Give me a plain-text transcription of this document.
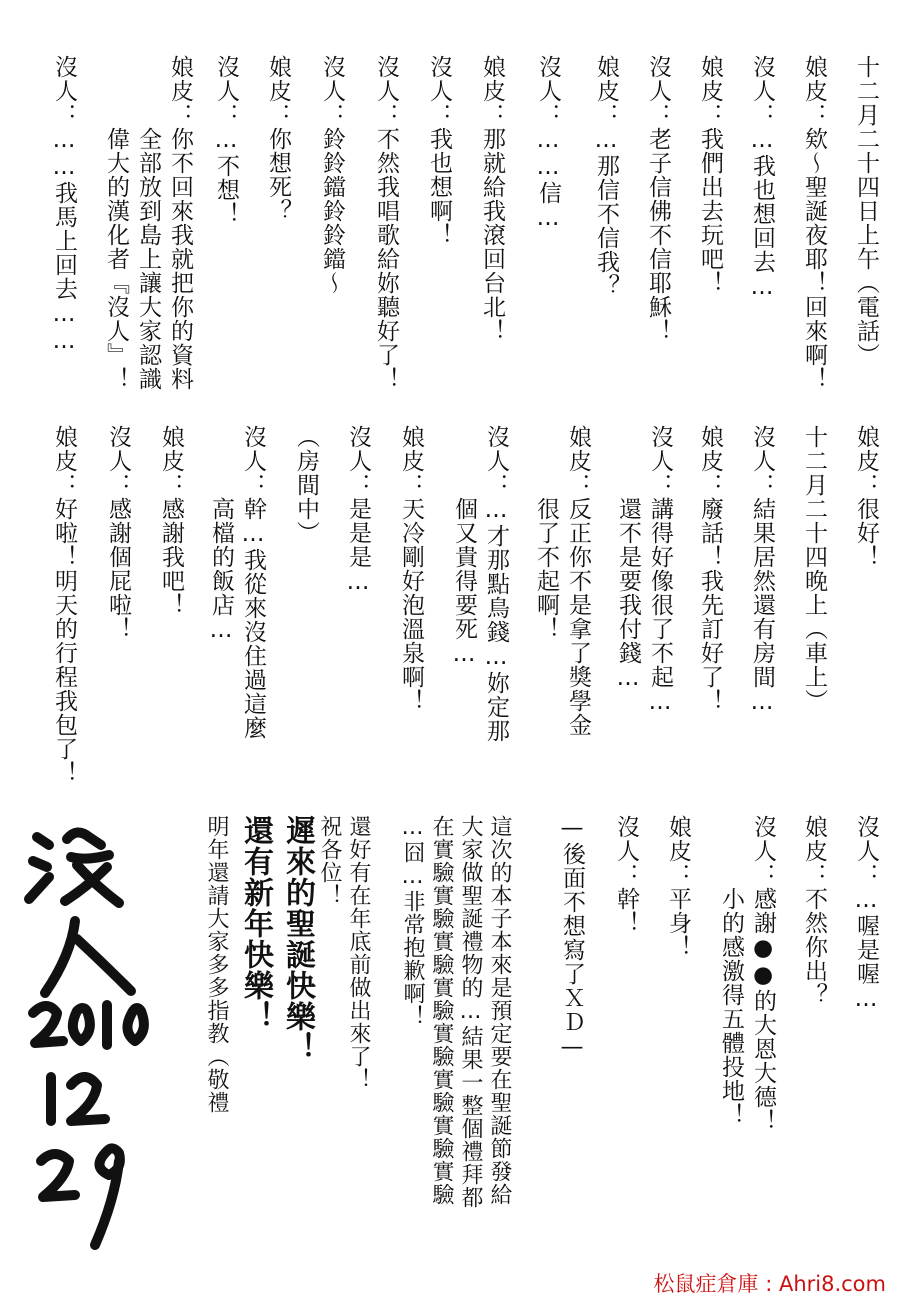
十二月二十四日上午（電話）
娘皮：欸〜聖誕夜耶！回來啊！
沒人：…我也想回去…
娘皮：我們出去玩吧！
沒人：老子信佛不信耶穌！
娘皮：…那信不信我？
沒人：……信…
娘皮：那就給我滾回台北！
沒人：我也想啊！
沒人：不然我唱歌給妳聽好了！
沒人：鈴鈴鐺鈴鈴鐺〜
娘皮：你想死？
沒人：…不想！
娘皮：你不回來我就把你的資料
　　　全部放到島上讓大家認識
　　　偉大的漢化者『沒人』！
沒人：……我馬上回去……
娘皮：很好！
十二月二十四晚上（車上）
沒人：結果居然還有房間…
娘皮：廢話！我先訂好了！
沒人：講得好像很了不起…
　　　還不是要我付錢…
娘皮：反正你不是拿了獎學金
　　　很了不起啊！
沒人：…才那點鳥錢…妳定那
　　　個又貴得要死…
娘皮：天冷剛好泡溫泉啊！
沒人：是是是…
（房間中）
沒人：幹…我從來沒住過這麼
　　　高檔的飯店…
娘皮：感謝我吧！
沒人：感謝個屁啦！
娘皮：好啦！明天的行程我包了！
沒人：…喔是喔…
娘皮：不然你出？
沒人：感謝●●的大恩大德！
　　　小的感激得五體投地！
娘皮：平身！
沒人：幹！
—後面不想寫了ＸＤ—
這次的本子本來是預定要在聖誕節發給
大家做聖誕禮物的…結果一整個禮拜都
在實驗實驗實驗實驗實驗實驗實驗實驗
…囧…非常抱歉啊！
還好有在年底前做出來了！
祝各位！
遲來的聖誕快樂！
還有新年快樂！
明年還請大家多多指教（敬禮
松鼠症倉庫 : Ahri8.com
